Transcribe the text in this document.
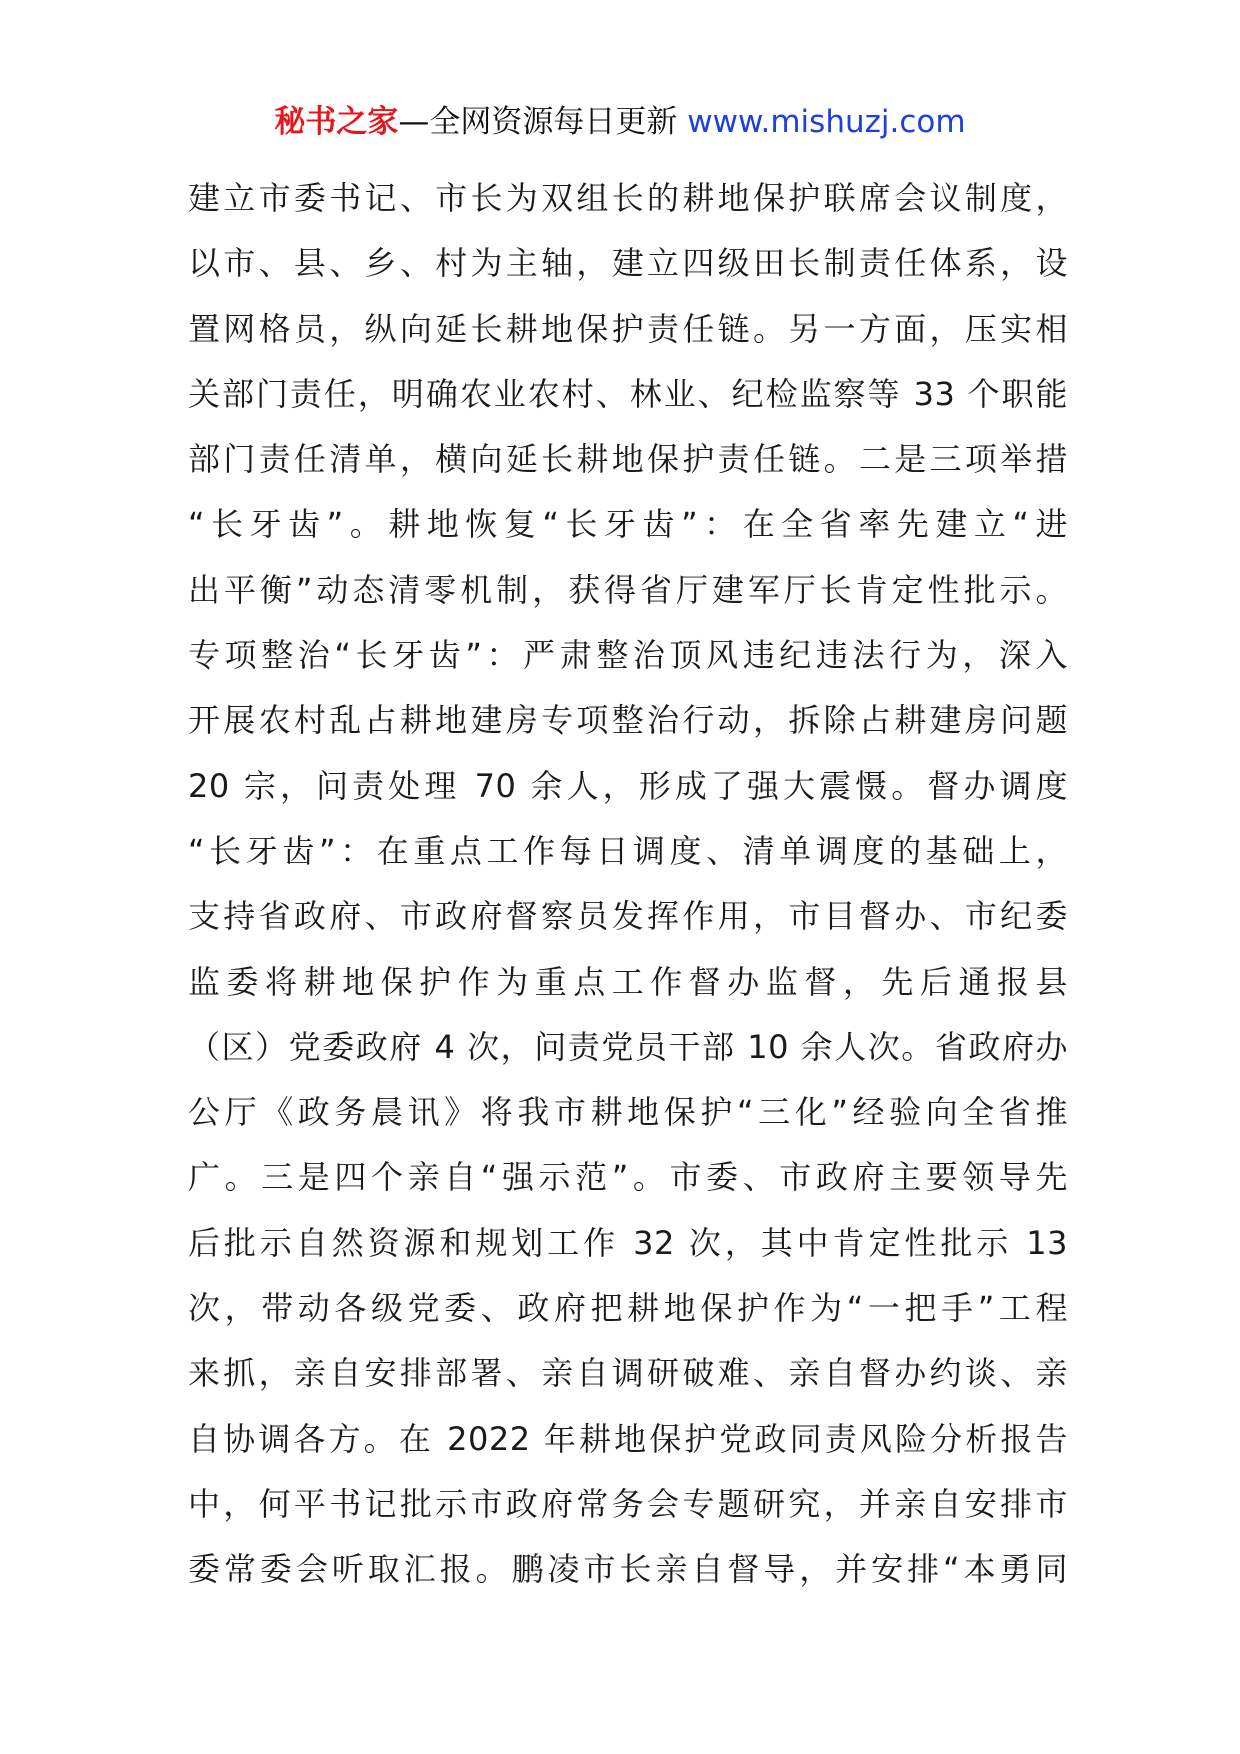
秘书之家—全网资源每日更新 www.mishuzj.com
建立市委书记、市长为双组长的耕地保护联席会议制度，
以市、县、乡、村为主轴，建立四级田长制责任体系，设
置网格员，纵向延长耕地保护责任链。另一方面，压实相
关部门责任，明确农业农村、林业、纪检监察等 33 个职能
部门责任清单，横向延长耕地保护责任链。二是三项举措
“长牙齿”。耕地恢复“长牙齿”：在全省率先建立“进
出平衡”动态清零机制，获得省厅建军厅长肯定性批示。
专项整治“长牙齿”：严肃整治顶风违纪违法行为，深入
开展农村乱占耕地建房专项整治行动，拆除占耕建房问题
20 宗，问责处理 70 余人，形成了强大震慑。督办调度
“长牙齿”：在重点工作每日调度、清单调度的基础上，
支持省政府、市政府督察员发挥作用，市目督办、市纪委
监委将耕地保护作为重点工作督办监督，先后通报县
（区）党委政府 4 次，问责党员干部 10 余人次。省政府办
公厅《政务晨讯》将我市耕地保护“三化”经验向全省推
广。三是四个亲自“强示范”。市委、市政府主要领导先
后批示自然资源和规划工作 32 次，其中肯定性批示 13
次，带动各级党委、政府把耕地保护作为“一把手”工程
来抓，亲自安排部署、亲自调研破难、亲自督办约谈、亲
自协调各方。在 2022 年耕地保护党政同责风险分析报告
中，何平书记批示市政府常务会专题研究，并亲自安排市
委常委会听取汇报。鹏凌市长亲自督导，并安排“本勇同
